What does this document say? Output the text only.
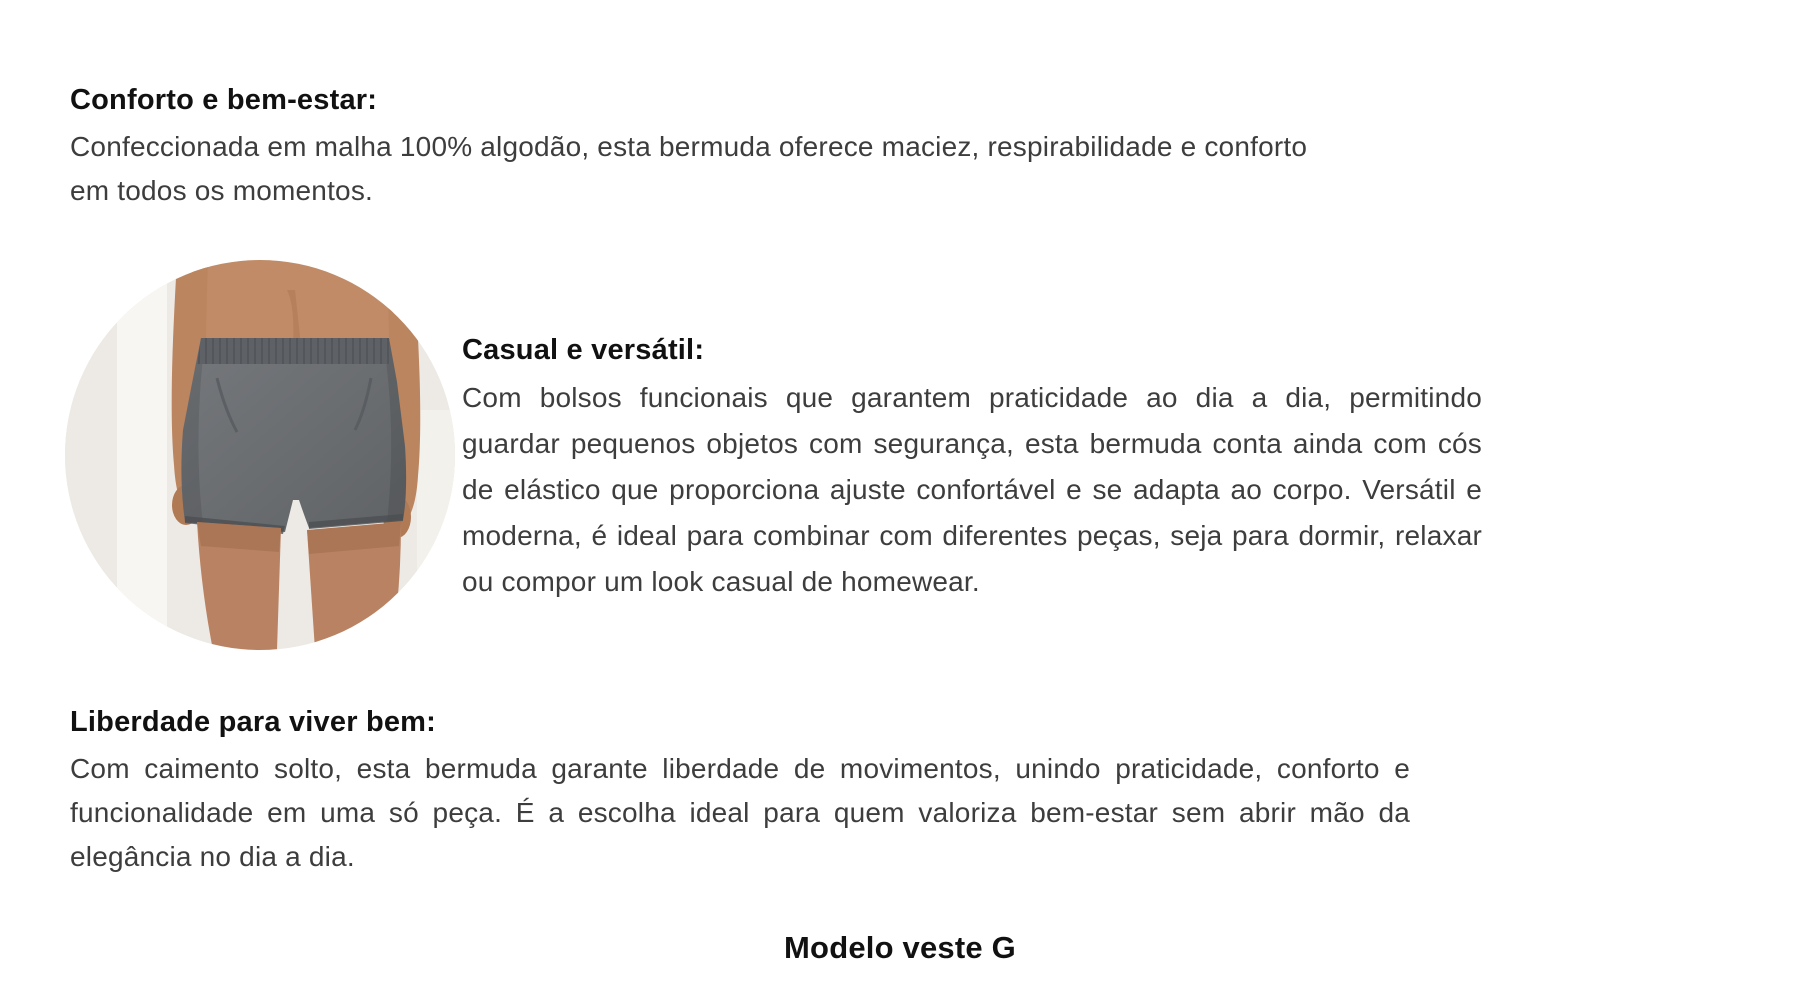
Conforto e bem-estar:

Confeccionada em malha 100% algodão, esta bermuda oferece maciez, respirabilidade e conforto em todos os momentos.

Casual e versátil:

Com bolsos funcionais que garantem praticidade ao dia a dia, permitindo guardar pequenos objetos com segurança, esta bermuda conta ainda com cós de elástico que proporciona ajuste confortável e se adapta ao corpo. Versátil e moderna, é ideal para combinar com diferentes peças, seja para dormir, relaxar ou compor um look casual de homewear.

Liberdade para viver bem:

Com caimento solto, esta bermuda garante liberdade de movimentos, unindo praticidade, conforto e funcionalidade em uma só peça. É a escolha ideal para quem valoriza bem-estar sem abrir mão da elegância no dia a dia.

Modelo veste G
